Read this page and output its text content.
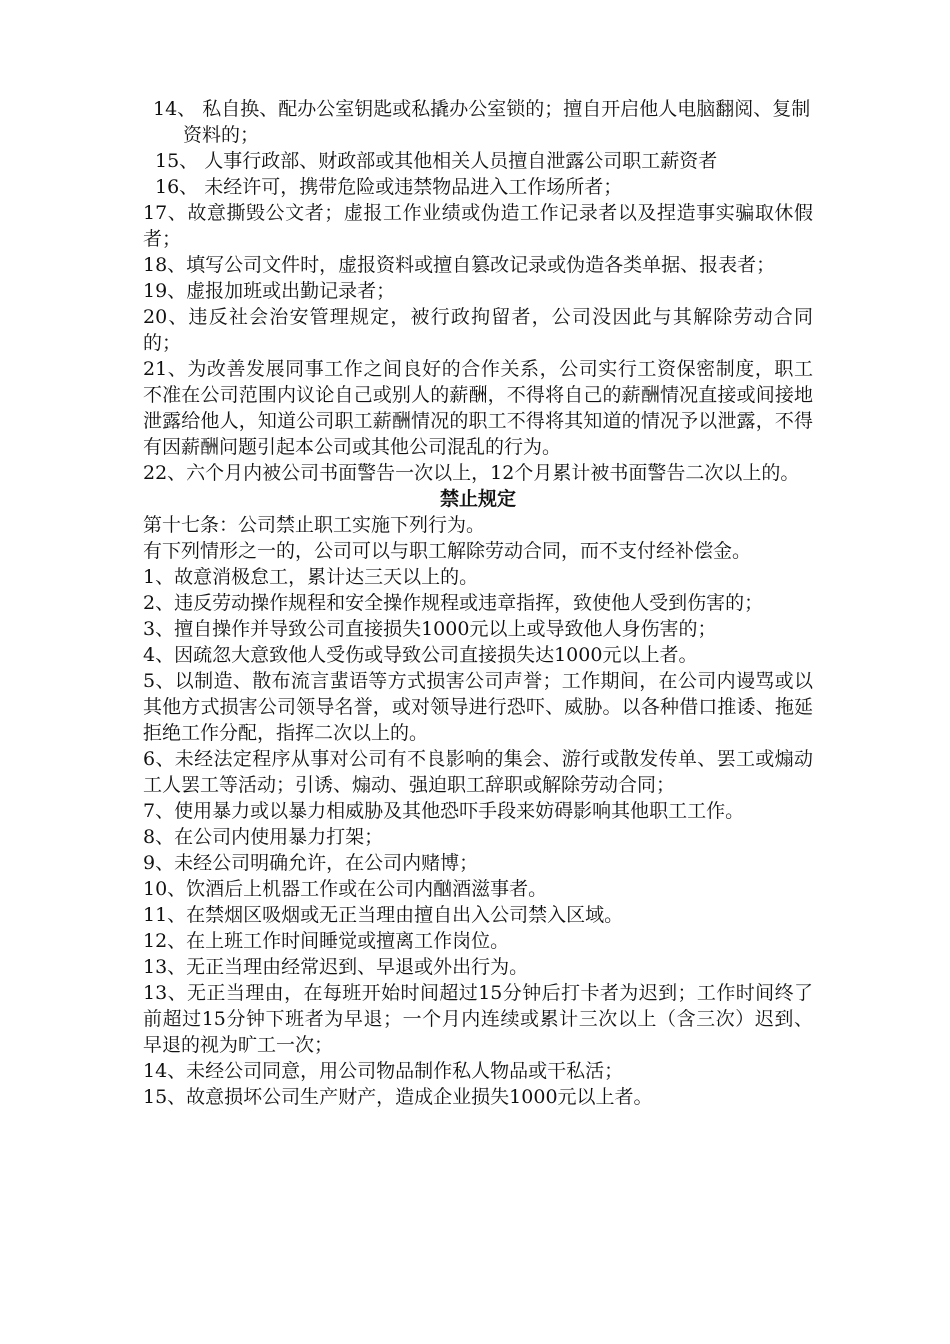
14、 私自换、配办公室钥匙或私撬办公室锁的；擅自开启他人电脑翻阅、复制资料的；

15、 人事行政部、财政部或其他相关人员擅自泄露公司职工薪资者

16、 未经许可，携带危险或违禁物品进入工作场所者；

17、故意撕毁公文者；虚报工作业绩或伪造工作记录者以及捏造事实骗取休假者；

18、填写公司文件时，虚报资料或擅自篡改记录或伪造各类单据、报表者；

19、虚报加班或出勤记录者；

20、违反社会治安管理规定，被行政拘留者，公司没因此与其解除劳动合同的；

21、为改善发展同事工作之间良好的合作关系，公司实行工资保密制度，职工不准在公司范围内议论自己或别人的薪酬，不得将自己的薪酬情况直接或间接地泄露给他人，知道公司职工薪酬情况的职工不得将其知道的情况予以泄露，不得有因薪酬问题引起本公司或其他公司混乱的行为。

22、六个月内被公司书面警告一次以上，12个月累计被书面警告二次以上的。

禁止规定

第十七条：公司禁止职工实施下列行为。

有下列情形之一的，公司可以与职工解除劳动合同，而不支付经补偿金。

1、故意消极怠工，累计达三天以上的。

2、违反劳动操作规程和安全操作规程或违章指挥，致使他人受到伤害的；

3、擅自操作并导致公司直接损失1000元以上或导致他人身伤害的；

4、因疏忽大意致他人受伤或导致公司直接损失达1000元以上者。

5、以制造、散布流言蜚语等方式损害公司声誉；工作期间，在公司内谩骂或以其他方式损害公司领导名誉，或对领导进行恐吓、威胁。以各种借口推诿、拖延拒绝工作分配，指挥二次以上的。

6、未经法定程序从事对公司有不良影响的集会、游行或散发传单、罢工或煽动工人罢工等活动；引诱、煽动、强迫职工辞职或解除劳动合同；

7、使用暴力或以暴力相威胁及其他恐吓手段来妨碍影响其他职工工作。

8、在公司内使用暴力打架；

9、未经公司明确允许，在公司内赌博；

10、饮酒后上机器工作或在公司内酗酒滋事者。

11、在禁烟区吸烟或无正当理由擅自出入公司禁入区域。

12、在上班工作时间睡觉或擅离工作岗位。

13、无正当理由经常迟到、早退或外出行为。

13、无正当理由，在每班开始时间超过15分钟后打卡者为迟到；工作时间终了前超过15分钟下班者为早退；一个月内连续或累计三次以上（含三次）迟到、早退的视为旷工一次；

14、未经公司同意，用公司物品制作私人物品或干私活；

15、故意损坏公司生产财产，造成企业损失1000元以上者。
